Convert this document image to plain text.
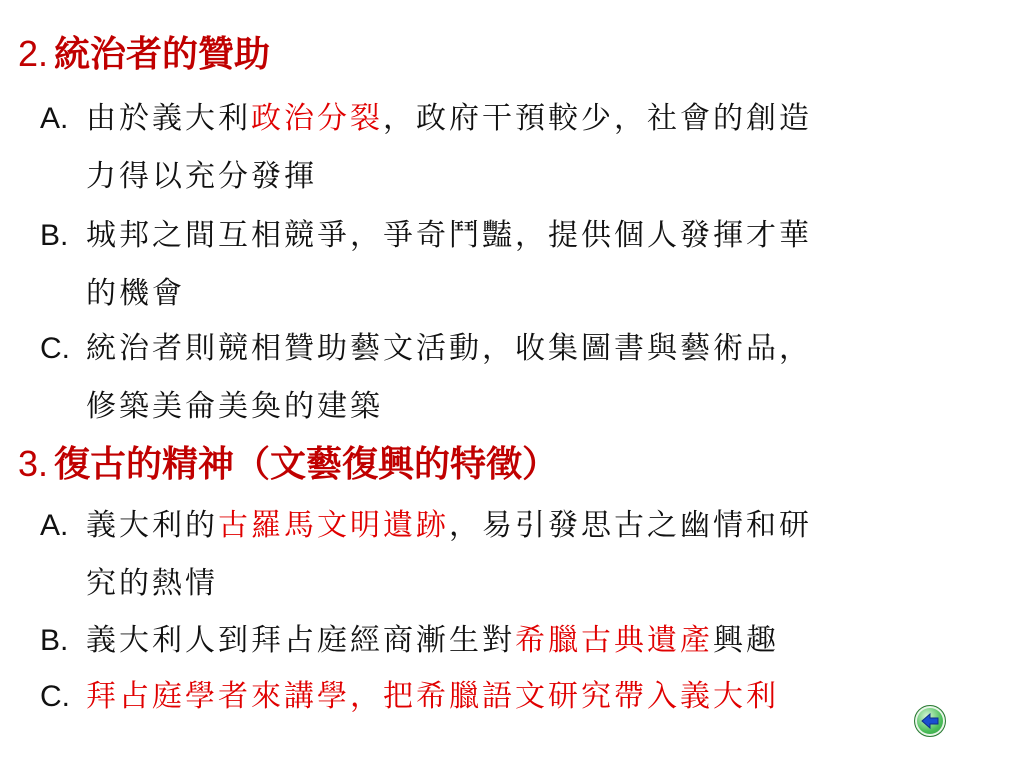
2. 統治者的贊助
A. 由於義大利政治分裂，政府干預較少，社會的創造
力得以充分發揮
B. 城邦之間互相競爭，爭奇鬥豔，提供個人發揮才華
的機會
C. 統治者則競相贊助藝文活動，收集圖書與藝術品，
修築美侖美奐的建築
3. 復古的精神（文藝復興的特徵）
A. 義大利的古羅馬文明遺跡，易引發思古之幽情和研
究的熱情
B. 義大利人到拜占庭經商漸生對希臘古典遺產興趣
C. 拜占庭學者來講學，把希臘語文研究帶入義大利
